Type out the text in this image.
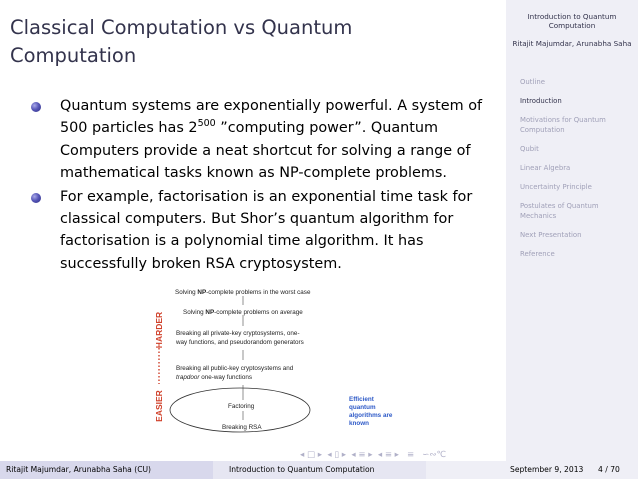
Classical Computation vs Quantum Computation
Quantum systems are exponentially powerful. A system of 500 particles has $2^{500}$ ”computing power”. Quantum Computers provide a neat shortcut for solving a range of mathematical tasks known as NP-complete problems.
For example, factorisation is an exponential time task for classical computers. But Shor’s quantum algorithm for factorisation is a polynomial time algorithm. It has successfully broken RSA cryptosystem.
HARDER
EASIER
Solving NP-complete problems in the worst case
Solving NP-complete problems on average
Breaking all private-key cryptosystems, one-
way functions, and pseudorandom generators
Breaking all public-key cryptosystems and
trapdoor one-way functions
Factoring
Breaking RSA
Efficient
quantum
algorithms are
known
◂ □ ▸  ◂ ▯ ▸  ◂ ≡ ▸  ◂ ≡ ▸   ≡   ∽∾℃
Introduction to Quantum Computation
Ritajit Majumdar, Arunabha Saha
Outline
Introduction
Motivations for Quantum Computation
Qubit
Linear Algebra
Uncertainty Principle
Postulates of Quantum Mechanics
Next Presentation
Reference
Ritajit Majumdar, Arunabha Saha (CU)	Introduction to Quantum Computation	September 9, 2013 4 / 70
